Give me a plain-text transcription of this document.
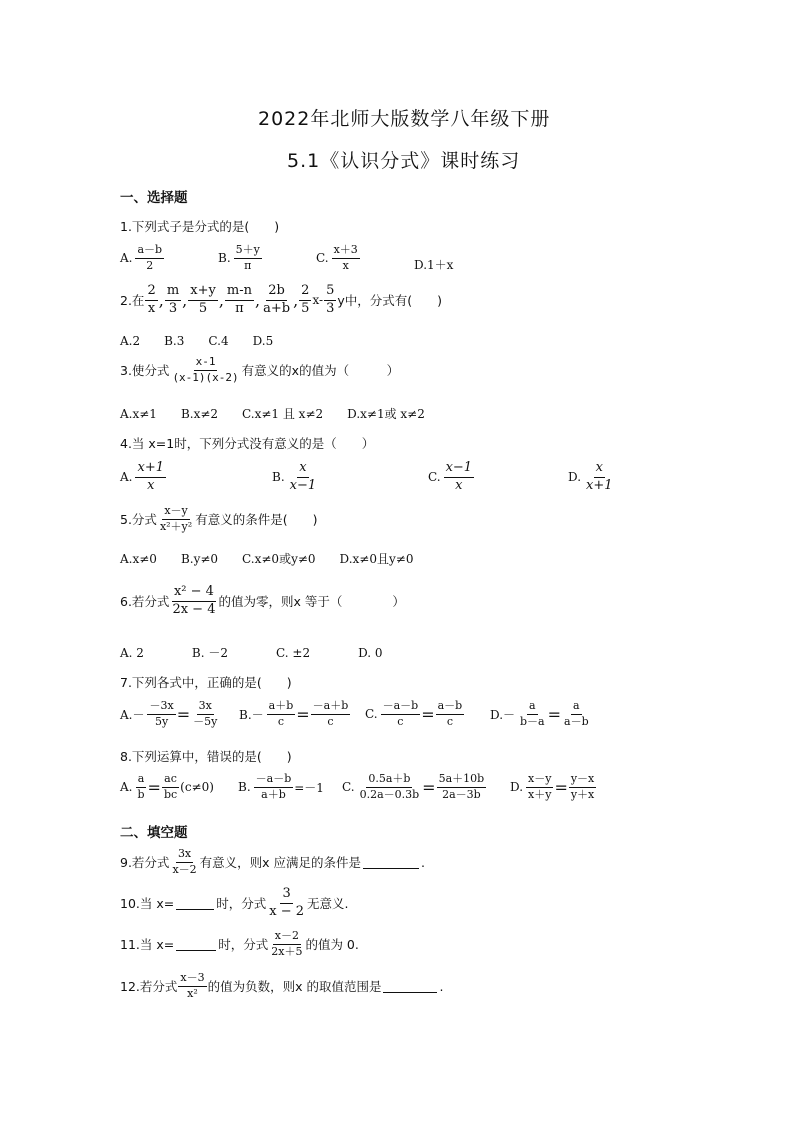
2022年北师大版数学八年级下册
5.1《认识分式》课时练习
一、选择题
1.下列式子是分式的是(　　)
A. $\frac{a-b}{2}$	B. $\frac{5+y}{\pi}$	C. $\frac{x+3}{x}$	D.1＋x
2.在 $\frac{2}{x}$ , $\frac{m}{3}$ , $\frac{x+y}{5}$ , $\frac{m-n}{\pi}$ , $\frac{2b}{a+b}$ , $\frac{2}{5} x- \frac{5}{3}$ y中，分式有(　　)
A.2　　B.3　　C.4　　D.5
3.使分式 $\frac{x-1}{(x-1)(x-2)}$ 有意义的x的值为（　　　）
A.x≠1　　B.x≠2　　C.x≠1 且 x≠2　　D.x≠1或 x≠2
4.当 x=1时，下列分式没有意义的是（　　）
A. $\frac{x+1}{x}$	B. $\frac{x}{x-1}$	C. $\frac{x-1}{x}$	D. $\frac{x}{x+1}$
5.分式 $\frac{x-y}{\text{x²＋y²}}$ 有意义的条件是(　　)
A.x≠0　　B.y≠0　　C.x≠0或y≠0　　D.x≠0且y≠0
6.若分式 $\frac{\text{x² − 4}}{2x - 4}$ 的值为零，则x 等于（　　　　）
A. 2　　　　B. －2　　　　C. ±2　　　　D. 0
7.下列各式中，正确的是(　　)
$A.- \frac{-3x}{5y} = \frac{3x}{-5y} B.- \frac{a+b}{c} = \frac{-a+b}{c} C$. $\frac{-a-b}{c} = \frac{a-b}{c} D.- \frac{a}{b-a} = \frac{a}{a-b}$
8.下列运算中，错误的是(　　)
A. $\frac{a}{b} = \frac{ac}{bc} (c\ne 0)$ B. $\frac{-a-b}{a+b} =-1$ C. $\frac{0.5a+b}{0.2a-0.3b} = \frac{5a+10b}{2a-3b} D$. $\frac{x-y}{x+y} = \frac{y-x}{y+x}$
二、填空题
9.若分式 $\frac{3x}{x-2}$ 有意义，则x 应满足的条件是	.
10.当 x=	时，分式 $\frac{3}{x - 2}$ 无意义.
11.当 x=	时，分式 $\frac{x-2}{2x+5}$ 的值为 0.
12.若分式 $\frac{x-3}{\text{x²}}$ 的值为负数，则x 的取值范围是	.
